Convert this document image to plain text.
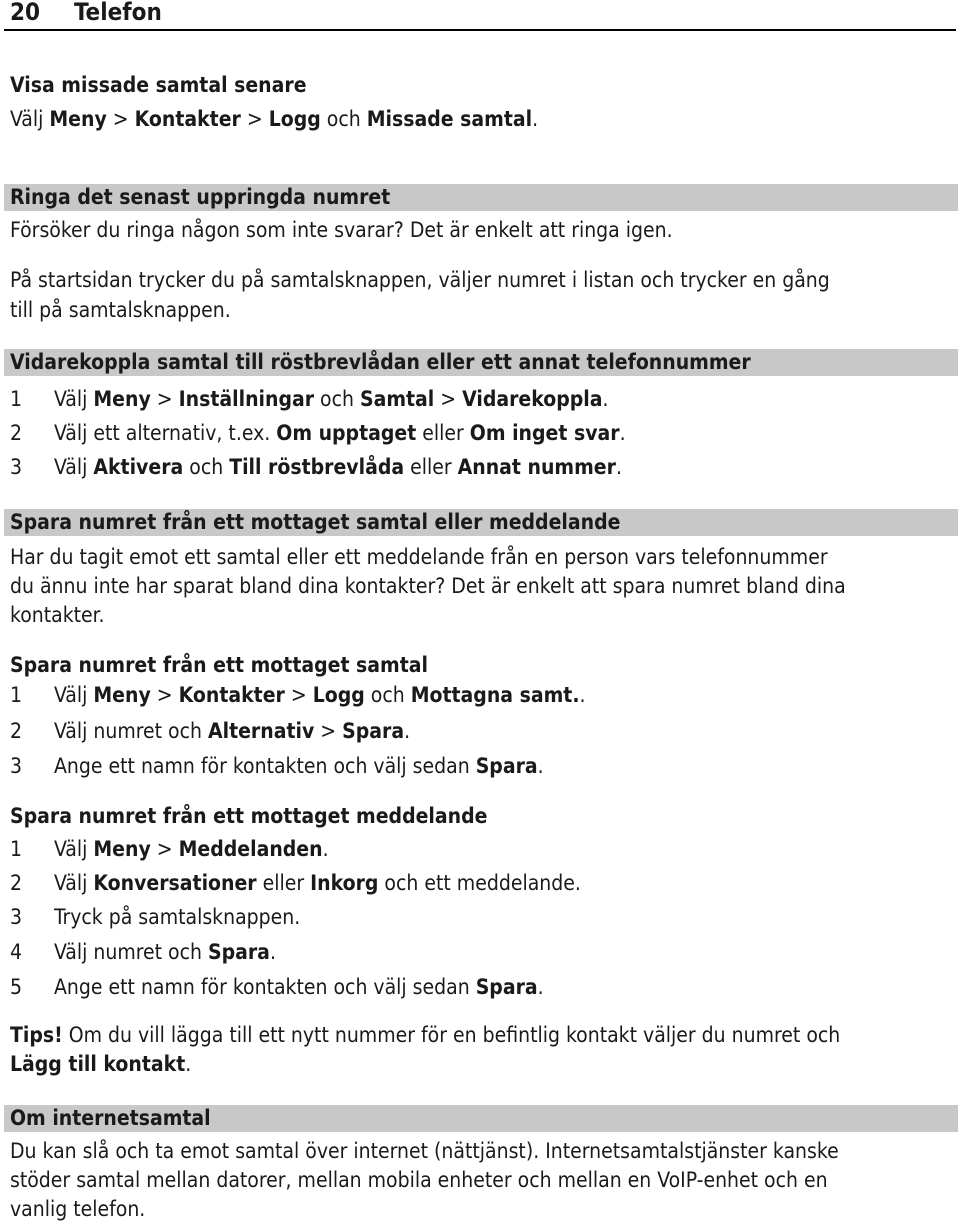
20 Telefon
Visa missade samtal senare
Välj Meny > Kontakter > Logg och Missade samtal.
Ringa det senast uppringda numret
Försöker du ringa någon som inte svarar? Det är enkelt att ringa igen.
På startsidan trycker du på samtalsknappen, väljer numret i listan och trycker en gång
till på samtalsknappen.
Vidarekoppla samtal till röstbrevlådan eller ett annat telefonnummer
1 Välj Meny > Inställningar och Samtal > Vidarekoppla.
2 Välj ett alternativ, t.ex. Om upptaget eller Om inget svar.
3 Välj Aktivera och Till röstbrevlåda eller Annat nummer.
Spara numret från ett mottaget samtal eller meddelande
Har du tagit emot ett samtal eller ett meddelande från en person vars telefonnummer
du ännu inte har sparat bland dina kontakter? Det är enkelt att spara numret bland dina
kontakter.
Spara numret från ett mottaget samtal
1 Välj Meny > Kontakter > Logg och Mottagna samt..
2 Välj numret och Alternativ > Spara.
3 Ange ett namn för kontakten och välj sedan Spara.
Spara numret från ett mottaget meddelande
1 Välj Meny > Meddelanden.
2 Välj Konversationer eller Inkorg och ett meddelande.
3 Tryck på samtalsknappen.
4 Välj numret och Spara.
5 Ange ett namn för kontakten och välj sedan Spara.
Tips! Om du vill lägga till ett nytt nummer för en befintlig kontakt väljer du numret och
Lägg till kontakt.
Om internetsamtal
Du kan slå och ta emot samtal över internet (nättjänst). Internetsamtalstjänster kanske
stöder samtal mellan datorer, mellan mobila enheter och mellan en VoIP-enhet och en
vanlig telefon.
